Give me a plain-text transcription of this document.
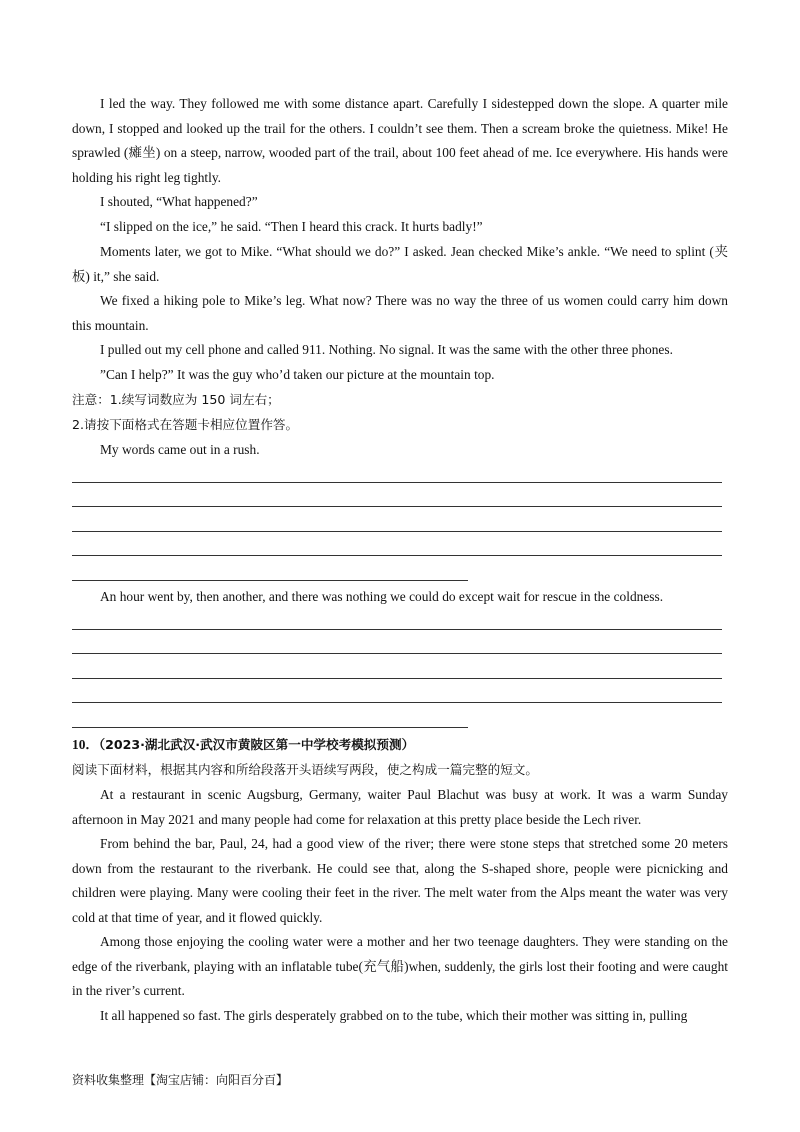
I led the way. They followed me with some distance apart. Carefully I sidestepped down the slope. A quarter mile down, I stopped and looked up the trail for the others. I couldn’t see them. Then a scream broke the quietness. Mike! He sprawled (瘫坐) on a steep, narrow, wooded part of the trail, about 100 feet ahead of me. Ice everywhere. His hands were holding his right leg tightly.

I shouted, “What happened?”

“I slipped on the ice,” he said. “Then I heard this crack. It hurts badly!”

Moments later, we got to Mike. “What should we do?” I asked. Jean checked Mike’s ankle. “We need to splint (夹板) it,” she said.

We fixed a hiking pole to Mike’s leg. What now? There was no way the three of us women could carry him down this mountain.

I pulled out my cell phone and called 911. Nothing. No signal. It was the same with the other three phones.

”Can I help?” It was the guy who’d taken our picture at the mountain top.

注意：1.续写词数应为 150 词左右；

2.请按下面格式在答题卡相应位置作答。

My words came out in a rush.

An hour went by, then another, and there was nothing we could do except wait for rescue in the coldness.

10．（2023·湖北武汉·武汉市黄陂区第一中学校考模拟预测）

阅读下面材料，根据其内容和所给段落开头语续写两段，使之构成一篇完整的短文。

At a restaurant in scenic Augsburg, Germany, waiter Paul Blachut was busy at work. It was a warm Sunday afternoon in May 2021 and many people had come for relaxation at this pretty place beside the Lech river.

From behind the bar, Paul, 24, had a good view of the river; there were stone steps that stretched some 20 meters down from the restaurant to the riverbank. He could see that, along the S-shaped shore, people were picnicking and children were playing. Many were cooling their feet in the river. The melt water from the Alps meant the water was very cold at that time of year, and it flowed quickly.

Among those enjoying the cooling water were a mother and her two teenage daughters. They were standing on the edge of the riverbank, playing with an inflatable tube(充气船)when, suddenly, the girls lost their footing and were caught in the river’s current.

It all happened so fast. The girls desperately grabbed on to the tube, which their mother was sitting in, pulling

资料收集整理【淘宝店铺：向阳百分百】
